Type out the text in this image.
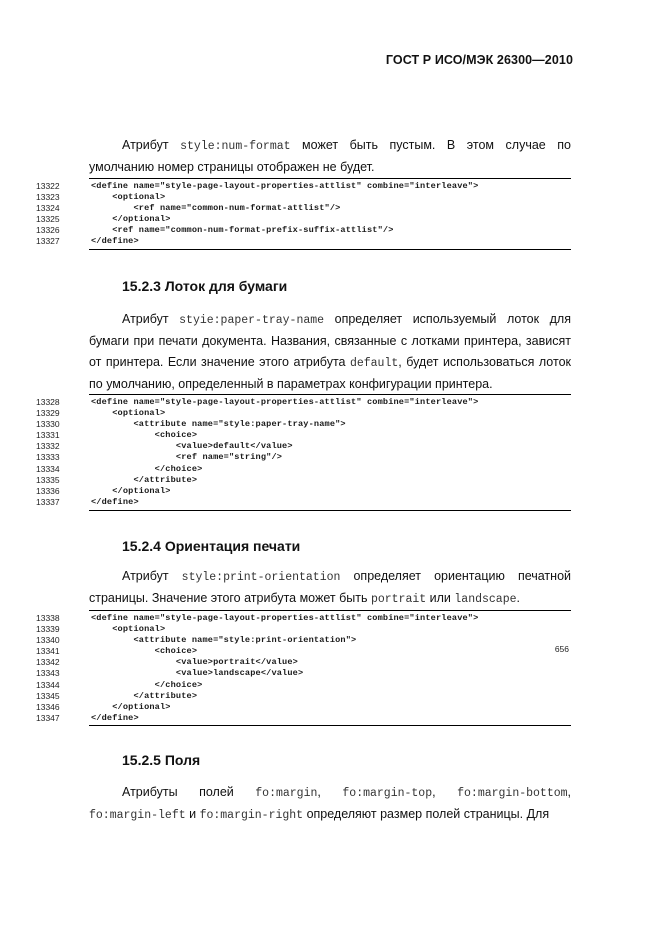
ГОСТ Р ИСО/МЭК 26300—2010

Атрибут style:num-format может быть пустым. В этом случае по умолчанию номер страницы отображен не будет.

13322	<define name="style-page-layout-properties-attlist" combine="interleave">
13323	<optional>
13324	<ref name="common-num-format-attlist"/>
13325	</optional>
13326	<ref name="common-num-format-prefix-suffix-attlist"/>
13327	</define>
15.2.3 Лоток для бумаги

Атрибут stуie:paper-tray-name определяет используемый лоток для бумаги при печати документа. Названия, связанные с лотками принтера, зависят от принтера. Если значение этого атрибута default, будет использоваться лоток по умолчанию, определенный в параметрах конфигурации принтера.

13328	<define name="style-page-layout-properties-attlist" combine="interleave">
13329	<optional>
13330	<attribute name="style:paper-tray-name">
13331	<choice>
13332	<value>default</value>
13333	<ref name="string"/>
13334	</choice>
13335	</attribute>
13336	</optional>
13337	</define>
15.2.4 Ориентация печати

Атрибут style:print-orientation определяет ориентацию печатной страницы. Значение этого атрибута может быть portrait или landscape.

13338	<define name="style-page-layout-properties-attlist" combine="interleave">
13339	<optional>
13340	<attribute name="style:print-orientation">
13341	<choice>
13342	<value>portrait</value>
13343	<value>landscape</value>
13344	</choice>
13345	</attribute>
13346	</optional>
13347	</define>
15.2.5 Поля

Атрибуты полей fo:margin, fo:margin-top, fo:margin-bottom, fo:margin-left и fo:margin-right определяют размер полей страницы. Для

656
